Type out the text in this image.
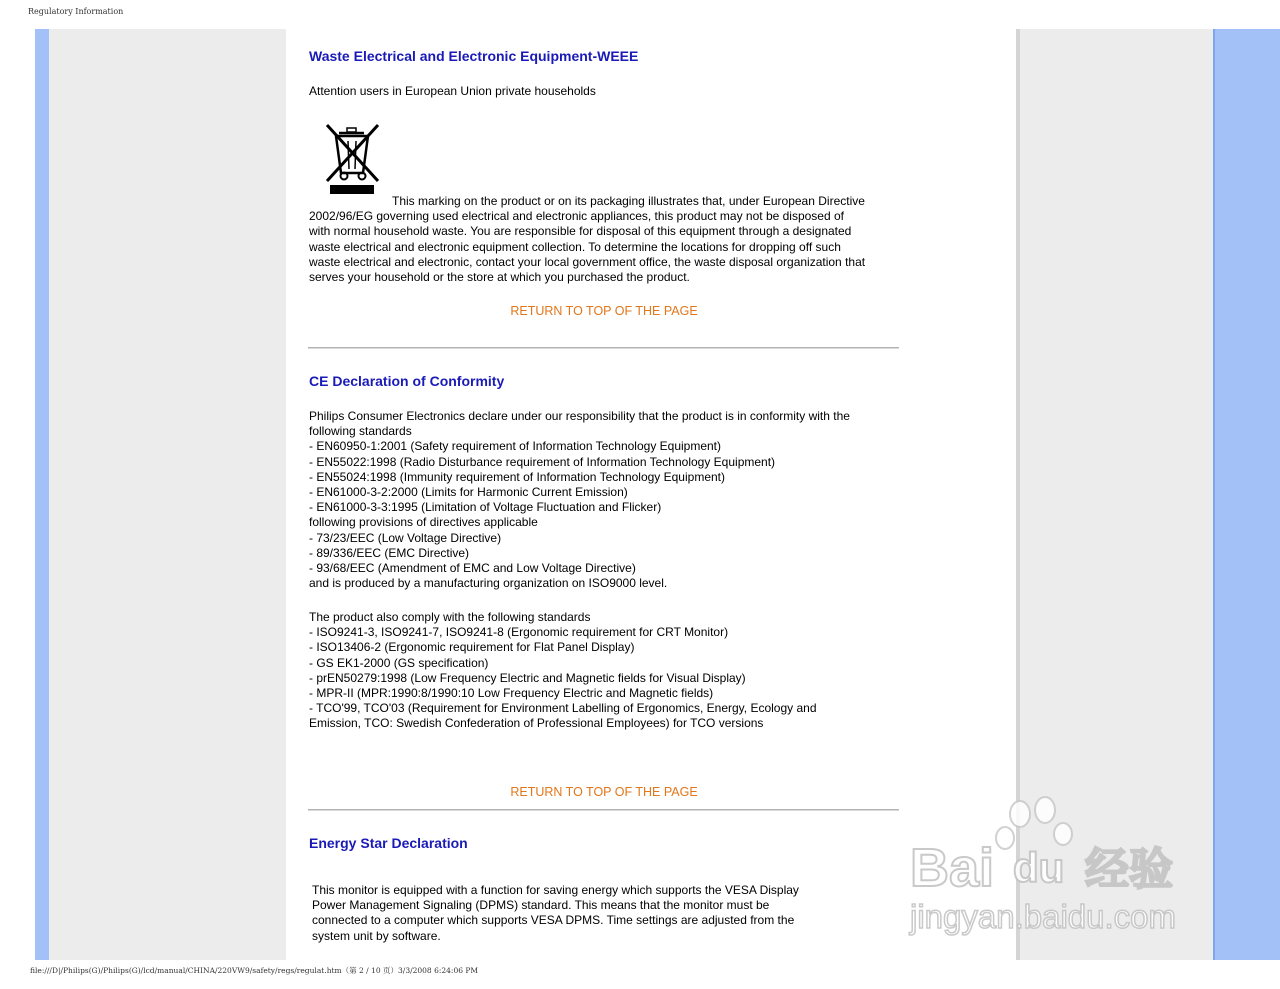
Regulatory Information
Waste Electrical and Electronic Equipment-WEEE
Attention users in European Union private households
This marking on the product or on its packaging illustrates that, under European Directive
2002/96/EG governing used electrical and electronic appliances, this product may not be disposed of
with normal household waste. You are responsible for disposal of this equipment through a designated
waste electrical and electronic equipment collection. To determine the locations for dropping off such
waste electrical and electronic, contact your local government office, the waste disposal organization that
serves your household or the store at which you purchased the product.
RETURN TO TOP OF THE PAGE
CE Declaration of Conformity
Philips Consumer Electronics declare under our responsibility that the product is in conformity with the
following standards
- EN60950-1:2001 (Safety requirement of Information Technology Equipment)
- EN55022:1998 (Radio Disturbance requirement of Information Technology Equipment)
- EN55024:1998 (Immunity requirement of Information Technology Equipment)
- EN61000-3-2:2000 (Limits for Harmonic Current Emission)
- EN61000-3-3:1995 (Limitation of Voltage Fluctuation and Flicker)
following provisions of directives applicable
- 73/23/EEC (Low Voltage Directive)
- 89/336/EEC (EMC Directive)
- 93/68/EEC (Amendment of EMC and Low Voltage Directive)
and is produced by a manufacturing organization on ISO9000 level.
The product also comply with the following standards
- ISO9241-3, ISO9241-7, ISO9241-8 (Ergonomic requirement for CRT Monitor)
- ISO13406-2 (Ergonomic requirement for Flat Panel Display)
- GS EK1-2000 (GS specification)
- prEN50279:1998 (Low Frequency Electric and Magnetic fields for Visual Display)
- MPR-II (MPR:1990:8/1990:10 Low Frequency Electric and Magnetic fields)
- TCO'99, TCO'03 (Requirement for Environment Labelling of Ergonomics, Energy, Ecology and
Emission, TCO: Swedish Confederation of Professional Employees) for TCO versions
RETURN TO TOP OF THE PAGE
Energy Star Declaration
This monitor is equipped with a function for saving energy which supports the VESA Display
Power Management Signaling (DPMS) standard. This means that the monitor must be
connected to a computer which supports VESA DPMS. Time settings are adjusted from the
system unit by software.
Bai du 经验
jingyan.baidu.com
file:///D|/Philips(G)/Philips(G)/lcd/manual/CHINA/220VW9/safety/regs/regulat.htm（第 2 / 10 页）3/3/2008 6:24:06 PM
